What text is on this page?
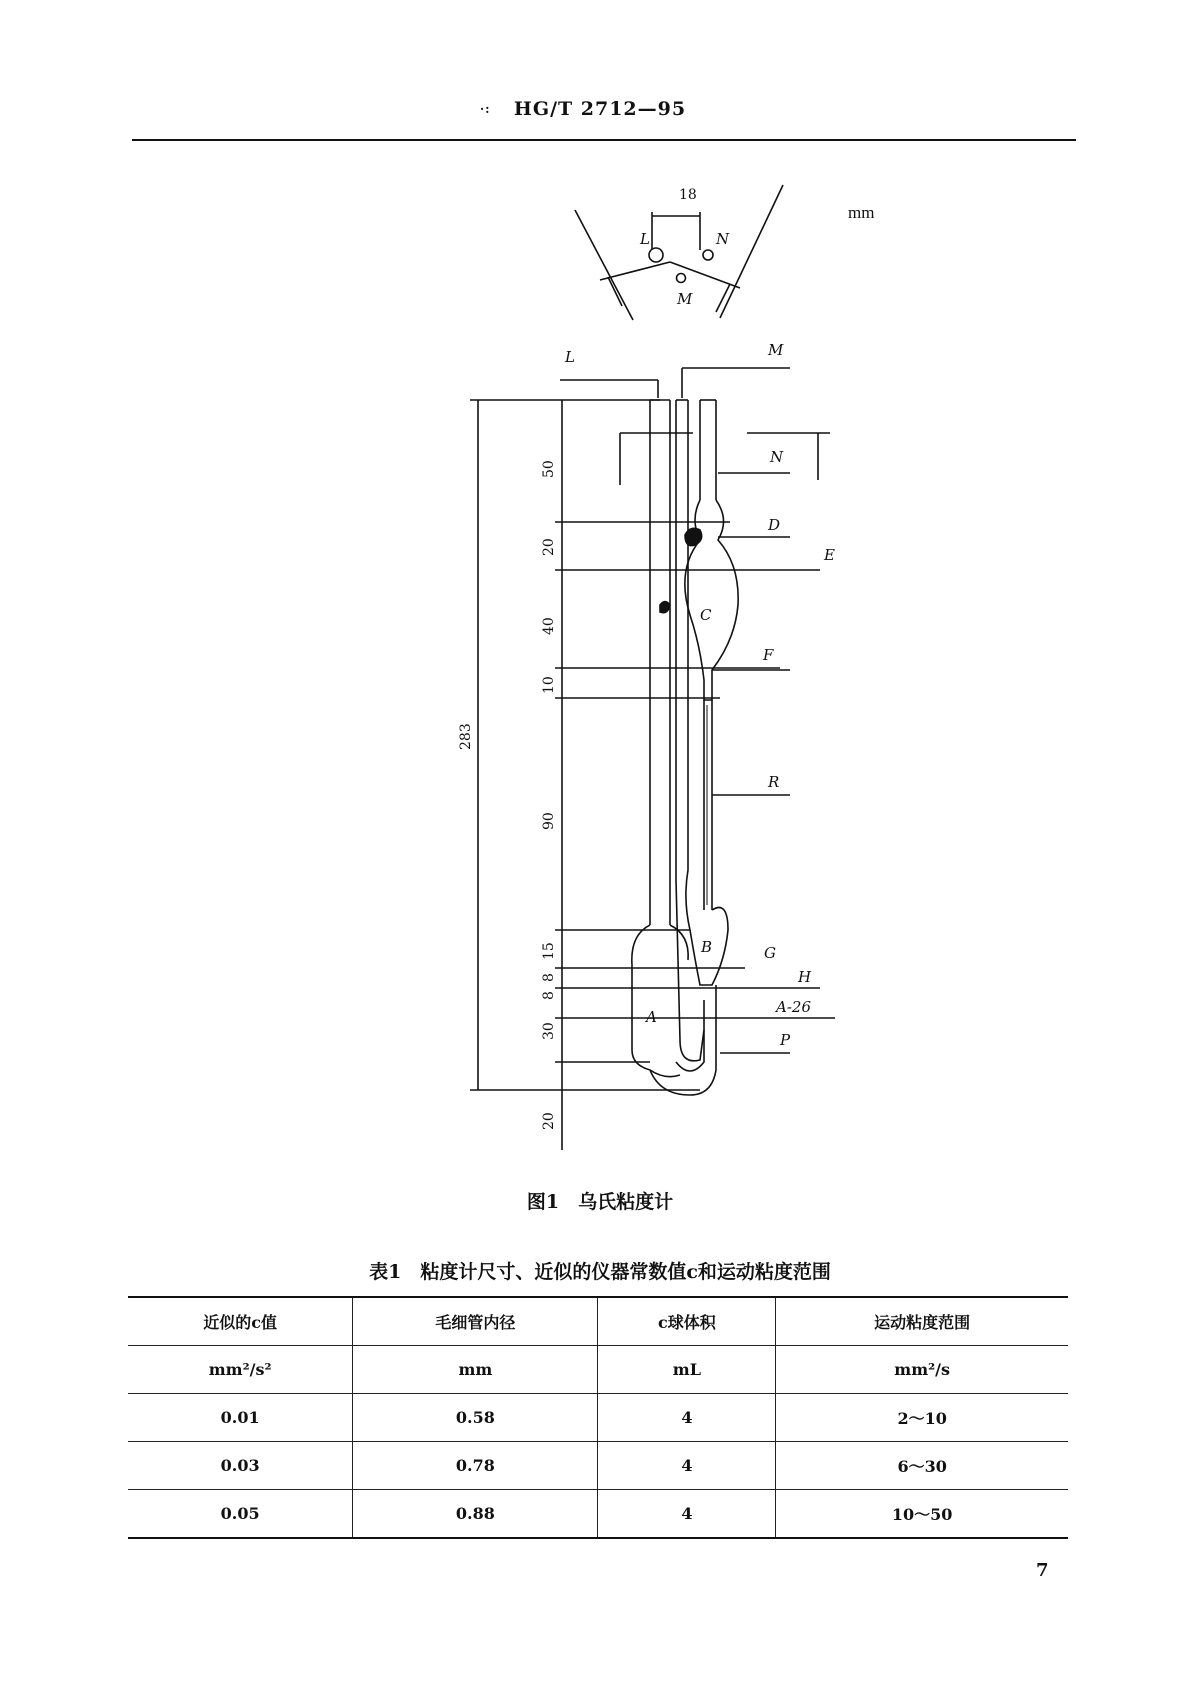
·: HG/T 2712—95
18
L	N
M
mm
283
50
20
40
10
90
15
8
8
30
20
L	M
N
D
E
C
F
R
B	G
H
A
A-26
P
图1　乌氏粘度计
表1　粘度计尺寸、近似的仪器常数值c和运动粘度范围
近似的c值	毛细管内径	c球体积	运动粘度范围
mm²/s²	mm	mL	mm²/s
0.01	0.58	4	2～10
0.03	0.78	4	6～30
0.05	0.88	4	10～50
7
